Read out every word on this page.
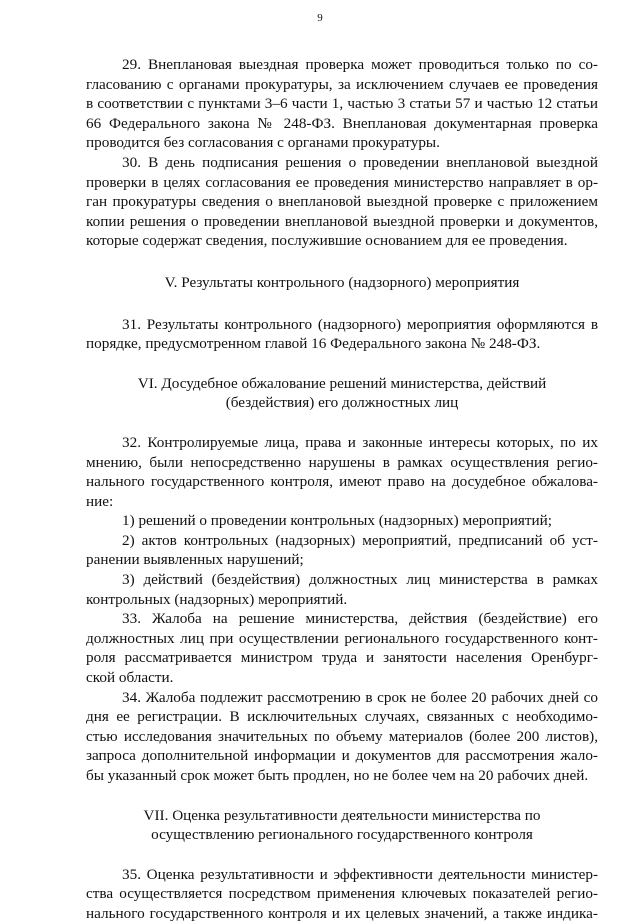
9

29. Внеплановая выездная проверка может проводиться только по со-
гласованию с органами прокуратуры, за исключением случаев ее проведения
в соответствии с пунктами 3–6 части 1, частью 3 статьи 57 и частью 12 статьи
66 Федерального закона № 248-ФЗ. Внеплановая документарная проверка
проводится без согласования с органами прокуратуры.

30. В день подписания решения о проведении внеплановой выездной
проверки в целях согласования ее проведения министерство направляет в ор-
ган прокуратуры сведения о внеплановой выездной проверке с приложением
копии решения о проведении внеплановой выездной проверки и документов,
которые содержат сведения, послужившие основанием для ее проведения.

V. Результаты контрольного (надзорного) мероприятия

31. Результаты контрольного (надзорного) мероприятия оформляются в
порядке, предусмотренном главой 16 Федерального закона № 248-ФЗ.

VI. Досудебное обжалование решений министерства, действий
(бездействия) его должностных лиц

32. Контролируемые лица, права и законные интересы которых, по их
мнению, были непосредственно нарушены в рамках осуществления регио-
нального государственного контроля, имеют право на досудебное обжалова-
ние:

1) решений о проведении контрольных (надзорных) мероприятий;

2) актов контрольных (надзорных) мероприятий, предписаний об уст-
ранении выявленных нарушений;

3) действий (бездействия) должностных лиц министерства в рамках
контрольных (надзорных) мероприятий.

33. Жалоба на решение министерства, действия (бездействие) его
должностных лиц при осуществлении регионального государственного конт-
роля рассматривается министром труда и занятости населения Оренбург-
ской области.

34. Жалоба подлежит рассмотрению в срок не более 20 рабочих дней со
дня ее регистрации. В исключительных случаях, связанных с необходимо-
стью исследования значительных по объему материалов (более 200 листов),
запроса дополнительной информации и документов для рассмотрения жало-
бы указанный срок может быть продлен, но не более чем на 20 рабочих дней.

VII. Оценка результативности деятельности министерства по
осуществлению регионального государственного контроля

35. Оценка результативности и эффективности деятельности министер-
ства осуществляется посредством применения ключевых показателей регио-
нального государственного контроля и их целевых значений, а также индика-
